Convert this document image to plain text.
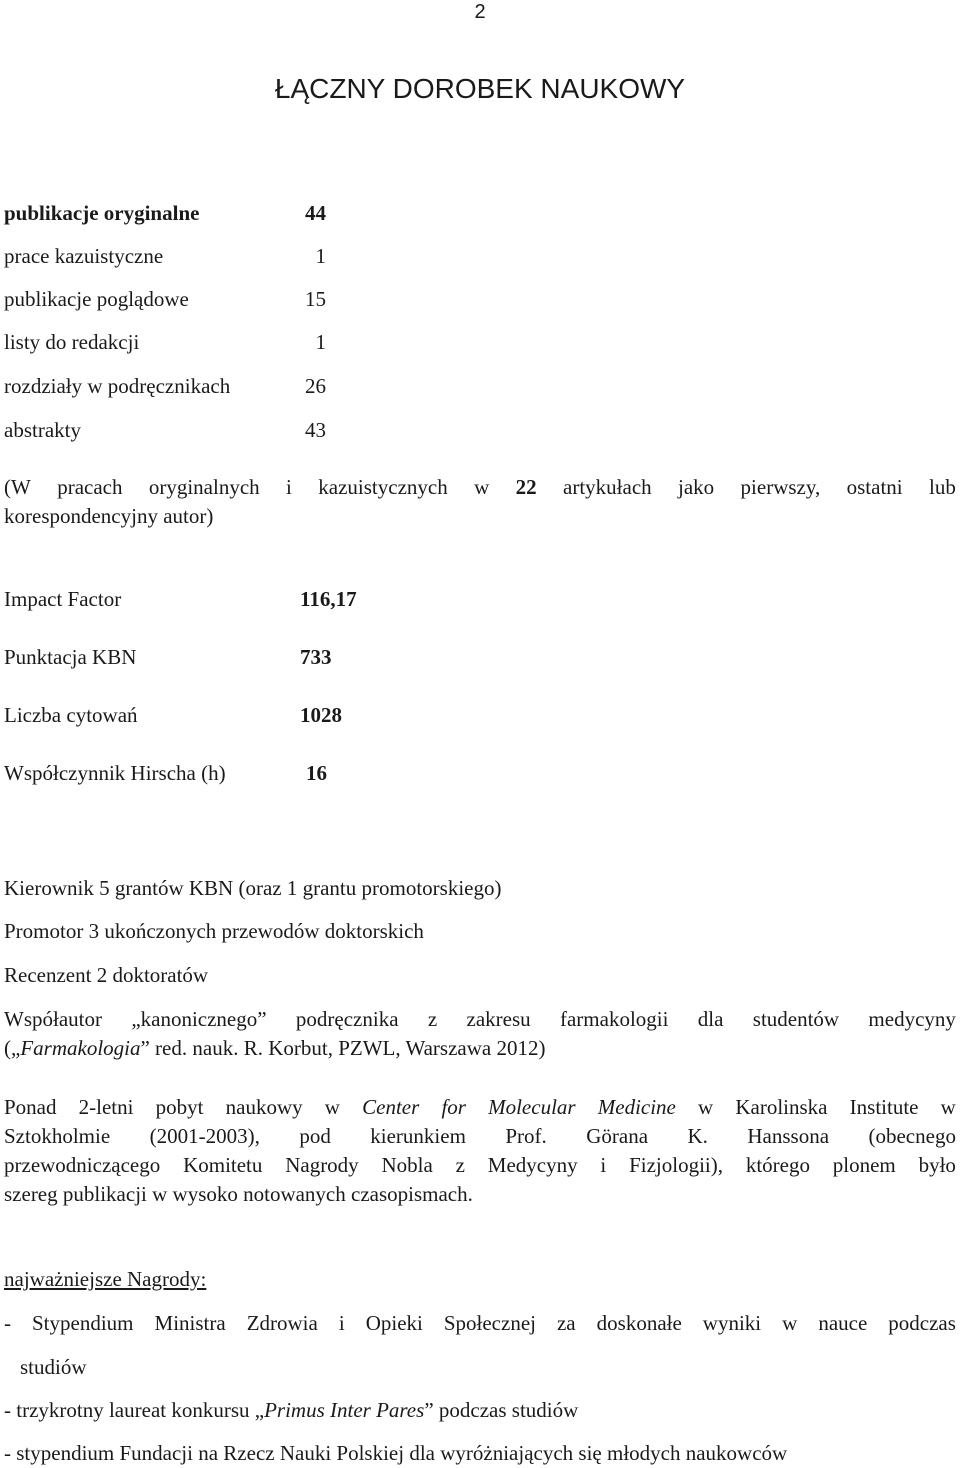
2
ŁĄCZNY DOROBEK NAUKOWY
publikacje oryginalne	44
prace kazuistyczne	1
publikacje poglądowe	15
listy do redakcji	1
rozdziały w podręcznikach	26
abstrakty	43
(W pracach oryginalnych i kazuistycznych w 22 artykułach jako pierwszy, ostatni lub
korespondencyjny autor)
Impact Factor	116,17
Punktacja KBN	733
Liczba cytowań	1028
Współczynnik Hirscha (h)	16
Kierownik 5 grantów KBN (oraz 1 grantu promotorskiego)
Promotor 3 ukończonych przewodów doktorskich
Recenzent 2 doktoratów
Współautor „kanonicznego” podręcznika z zakresu farmakologii dla studentów medycyny
(„Farmakologia” red. nauk. R. Korbut, PZWL, Warszawa 2012)
Ponad 2-letni pobyt naukowy w Center for Molecular Medicine w Karolinska Institute w
Sztokholmie (2001-2003), pod kierunkiem Prof. Görana K. Hanssona (obecnego
przewodniczącego Komitetu Nagrody Nobla z Medycyny i Fizjologii), którego plonem było
szereg publikacji w wysoko notowanych czasopismach.
najważniejsze Nagrody:
- Stypendium Ministra Zdrowia i Opieki Społecznej za doskonałe wyniki w nauce podczas
studiów
- trzykrotny laureat konkursu „Primus Inter Pares” podczas studiów
- stypendium Fundacji na Rzecz Nauki Polskiej dla wyróżniających się młodych naukowców
